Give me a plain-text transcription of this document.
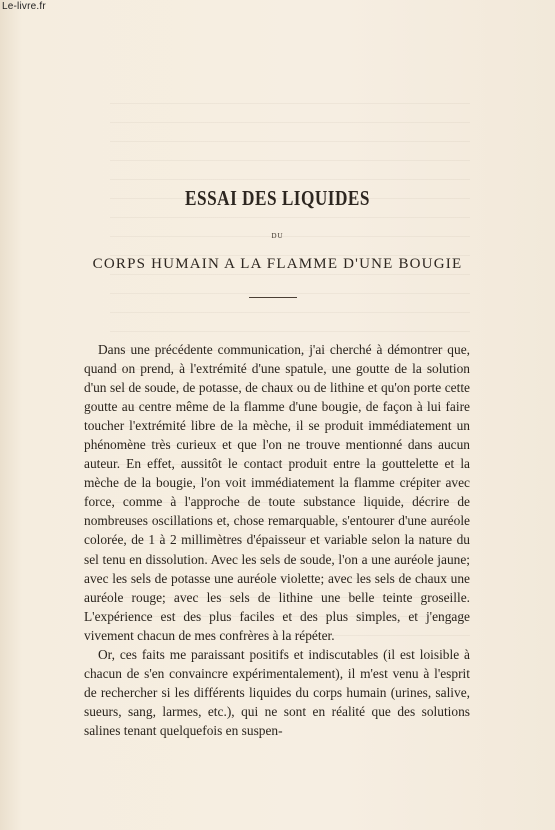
Le-livre.fr
ESSAI DES LIQUIDES
DU
CORPS HUMAIN A LA FLAMME D'UNE BOUGIE

Dans une précédente communication, j'ai cherché à démontrer que, quand on prend, à l'extrémité d'une spatule, une goutte de la solution d'un sel de soude, de potasse, de chaux ou de lithine et qu'on porte cette goutte au centre même de la flamme d'une bougie, de façon à lui faire toucher l'extrémité libre de la mèche, il se produit immédiatement un phénomène très curieux et que l'on ne trouve mentionné dans aucun auteur. En effet, aussitôt le contact produit entre la gouttelette et la mèche de la bougie, l'on voit immédiatement la flamme crépiter avec force, comme à l'approche de toute substance liquide, décrire de nombreuses oscillations et, chose remarquable, s'entourer d'une auréole colorée, de 1 à 2 millimètres d'épaisseur et variable selon la nature du sel tenu en dissolution. Avec les sels de soude, l'on a une auréole jaune; avec les sels de potasse une auréole violette; avec les sels de chaux une auréole rouge; avec les sels de lithine une belle teinte groseille. L'expérience est des plus faciles et des plus simples, et j'engage vivement chacun de mes confrères à la répéter.

Or, ces faits me paraissant positifs et indiscutables (il est loisible à chacun de s'en convaincre expérimentalement), il m'est venu à l'esprit de rechercher si les différents liquides du corps humain (urines, salive, sueurs, sang, larmes, etc.), qui ne sont en réalité que des solutions salines tenant quelquefois en suspen-
